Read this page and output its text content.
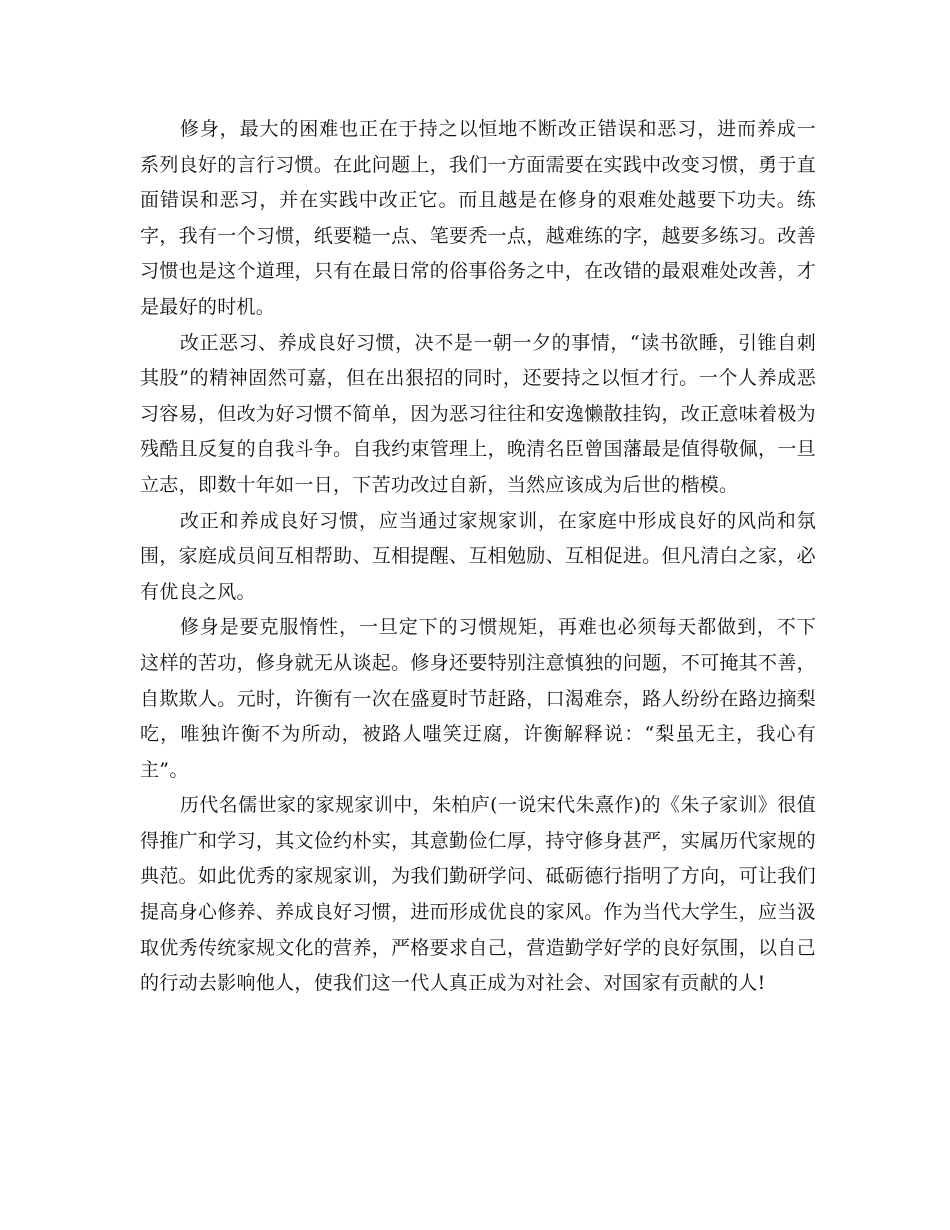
修身，最大的困难也正在于持之以恒地不断改正错误和恶习，进而养成一系列良好的言行习惯。在此问题上，我们一方面需要在实践中改变习惯，勇于直面错误和恶习，并在实践中改正它。而且越是在修身的艰难处越要下功夫。练字，我有一个习惯，纸要糙一点、笔要秃一点，越难练的字，越要多练习。改善习惯也是这个道理，只有在最日常的俗事俗务之中，在改错的最艰难处改善，才是最好的时机。

改正恶习、养成良好习惯，决不是一朝一夕的事情，“读书欲睡，引锥自刺其股”的精神固然可嘉，但在出狠招的同时，还要持之以恒才行。一个人养成恶习容易，但改为好习惯不简单，因为恶习往往和安逸懒散挂钩，改正意味着极为残酷且反复的自我斗争。自我约束管理上，晚清名臣曾国藩最是值得敬佩，一旦立志，即数十年如一日，下苦功改过自新，当然应该成为后世的楷模。

改正和养成良好习惯，应当通过家规家训，在家庭中形成良好的风尚和氛围，家庭成员间互相帮助、互相提醒、互相勉励、互相促进。但凡清白之家，必有优良之风。

修身是要克服惰性，一旦定下的习惯规矩，再难也必须每天都做到，不下这样的苦功，修身就无从谈起。修身还要特别注意慎独的问题，不可掩其不善，自欺欺人。元时，许衡有一次在盛夏时节赶路，口渴难奈，路人纷纷在路边摘梨吃，唯独许衡不为所动，被路人嗤笑迂腐，许衡解释说：“梨虽无主，我心有主”。

历代名儒世家的家规家训中，朱柏庐(一说宋代朱熹作)的《朱子家训》很值得推广和学习，其文俭约朴实，其意勤俭仁厚，持守修身甚严，实属历代家规的典范。如此优秀的家规家训，为我们勤研学问、砥砺德行指明了方向，可让我们提高身心修养、养成良好习惯，进而形成优良的家风。作为当代大学生，应当汲取优秀传统家规文化的营养，严格要求自己，营造勤学好学的良好氛围，以自己的行动去影响他人，使我们这一代人真正成为对社会、对国家有贡献的人!
